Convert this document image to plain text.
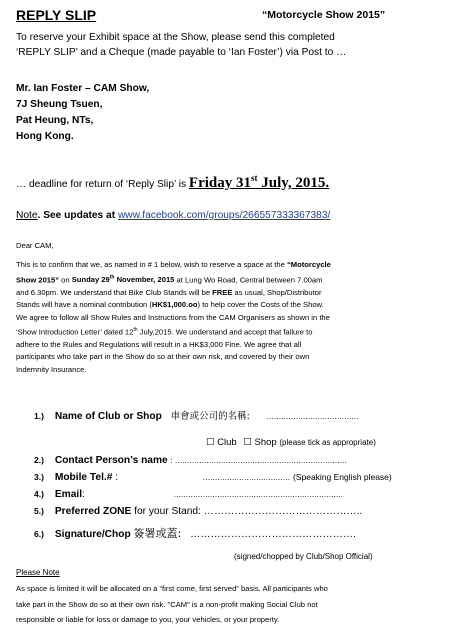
REPLY SLIP	“Motorcycle Show 2015”
To reserve your Exhibit space at the Show, please send this completed
‘REPLY SLIP’ and a Cheque (made payable to ‘Ian Foster’) via Post to …
Mr. Ian Foster – CAM Show,
7J Sheung Tsuen,
Pat Heung, NTs,
Hong Kong.
… deadline for return of ‘Reply Slip’ is Friday 31st July, 2015.
Note. See updates at www.facebook.com/groups/266557333367383/

Dear CAM,

This is to confirm that we, as named in # 1 below, wish to reserve a space at the “Motorcycle

Show 2015” on Sunday 29th November, 2015 at Lung Wo Road, Central between 7.00am

and 6.30pm. We understand that Bike Club Stands will be FREE as usual, Shop/Distributor

Stands will have a nominal contribution (HK$1,000.oo) to help cover the Costs of the Show.

We agree to follow all Show Rules and Instructions from the CAM Organisers as shown in the

‘Show Introduction Letter’ dated 12th July,2015. We understand and accept that failure to

adhere to the Rules and Regulations will result in a HK$3,000 Fine. We agree that all

participants who take part in the Show do so at their own risk, and covered by their own

Indemnity Insurance.

1.) Name of Club or Shop 車會或公司的名稱: ......................................
☐ Club ☐ Shop (please tick as appropriate)
2.) Contact Person’s name : .......................................................................
3.) Mobile Tel.# :	.................................... (Speaking English please)
4.) Email:	......................................................................
5.) Preferred ZONE for your Stand: ………………………………………..
6.) Signature/Chop 簽署或蓋: ………………………………………….
(signed/chopped by Club/Shop Official)
Please Note
As space is limited it will be allocated on a “first come, first served” basis. All participants who
take part in the Show do so at their own risk. "CAM" is a non-profit making Social Club not
responsible or liable for loss or damage to you, your vehicles, or your property.
